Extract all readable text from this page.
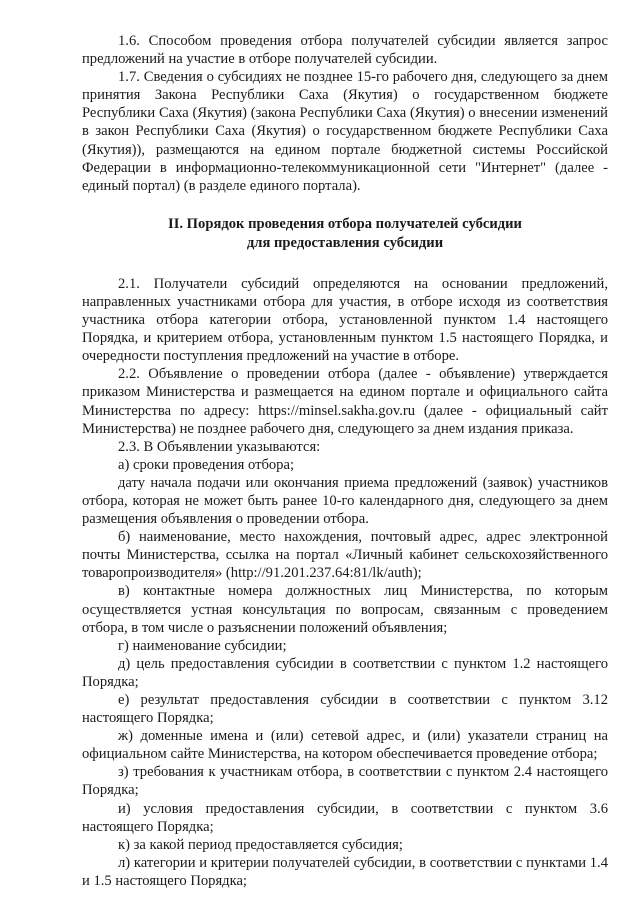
1.6. Способом проведения отбора получателей субсидии является запрос предложений на участие в отборе получателей субсидии.

1.7. Сведения о субсидиях не позднее 15-го рабочего дня, следующего за днем принятия Закона Республики Саха (Якутия) о государственном бюджете Республики Саха (Якутия) (закона Республики Саха (Якутия) о внесении изменений в закон Республики Саха (Якутия) о государственном бюджете Республики Саха (Якутия)), размещаются на едином портале бюджетной системы Российской Федерации в информационно-телекоммуникационной сети "Интернет" (далее - единый портал) (в разделе единого портала).

II. Порядок проведения отбора получателей субсидии
для предоставления субсидии

2.1. Получатели субсидий определяются на основании предложений, направленных участниками отбора для участия, в отборе исходя из соответствия участника отбора категории отбора, установленной пунктом 1.4 настоящего Порядка, и критерием отбора, установленным пунктом 1.5 настоящего Порядка, и очередности поступления предложений на участие в отборе.

2.2. Объявление о проведении отбора (далее - объявление) утверждается приказом Министерства и размещается на едином портале и официального сайта Министерства по адресу: https://minsel.sakha.gov.ru (далее - официальный сайт Министерства) не позднее рабочего дня, следующего за днем издания приказа.

2.3. В Объявлении указываются:

а) сроки проведения отбора;

дату начала подачи или окончания приема предложений (заявок) участников отбора, которая не может быть ранее 10-го календарного дня, следующего за днем размещения объявления о проведении отбора.

б) наименование, место нахождения, почтовый адрес, адрес электронной почты Министерства, ссылка на портал «Личный кабинет сельскохозяйственного товаропроизводителя» (http://91.201.237.64:81/lk/auth);

в) контактные номера должностных лиц Министерства, по которым осуществляется устная консультация по вопросам, связанным с проведением отбора, в том числе о разъяснении положений объявления;

г) наименование субсидии;

д) цель предоставления субсидии в соответствии с пунктом 1.2 настоящего Порядка;

е) результат предоставления субсидии в соответствии с пунктом 3.12 настоящего Порядка;

ж) доменные имена и (или) сетевой адрес, и (или) указатели страниц на официальном сайте Министерства, на котором обеспечивается проведение отбора;

з) требования к участникам отбора, в соответствии с пунктом 2.4 настоящего Порядка;

и) условия предоставления субсидии, в соответствии с пунктом 3.6 настоящего Порядка;

к) за какой период предоставляется субсидия;

л) категории и критерии получателей субсидии, в соответствии с пунктами 1.4 и 1.5 настоящего Порядка;
